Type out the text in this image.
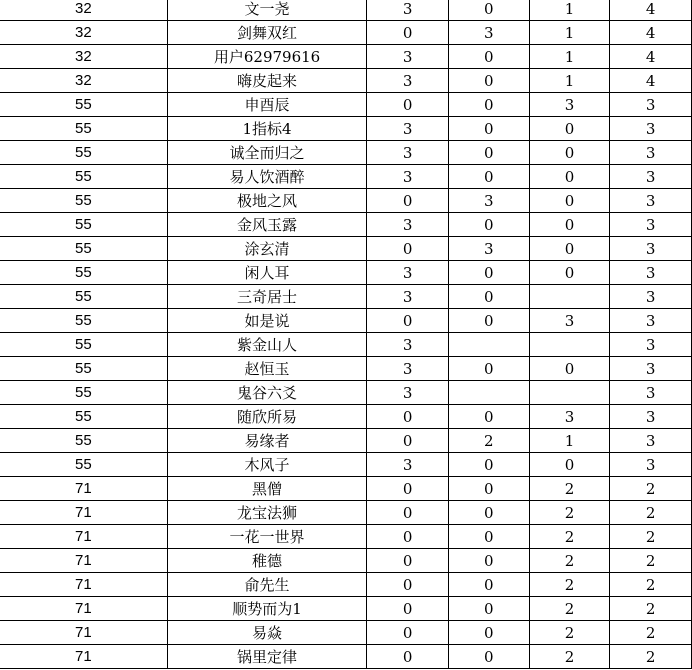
32	文一尧	3	0	1	4
32	剑舞双红	0	3	1	4
32	用户62979616	3	0	1	4
32	嗨皮起来	3	0	1	4
55	申酉辰	0	0	3	3
55	1指标4	3	0	0	3
55	诚全而归之	3	0	0	3
55	易人饮酒醉	3	0	0	3
55	极地之风	0	3	0	3
55	金风玉露	3	0	0	3
55	涂玄清	0	3	0	3
55	闲人耳	3	0	0	3
55	三奇居士	3	0		3
55	如是说	0	0	3	3
55	紫金山人	3			3
55	赵恒玉	3	0	0	3
55	鬼谷六爻	3			3
55	随欣所易	0	0	3	3
55	易缘者	0	2	1	3
55	木风子	3	0	0	3
71	黑僧	0	0	2	2
71	龙宝法狮	0	0	2	2
71	一花一世界	0	0	2	2
71	稚德	0	0	2	2
71	俞先生	0	0	2	2
71	顺势而为1	0	0	2	2
71	易焱	0	0	2	2
71	锅里定律	0	0	2	2
